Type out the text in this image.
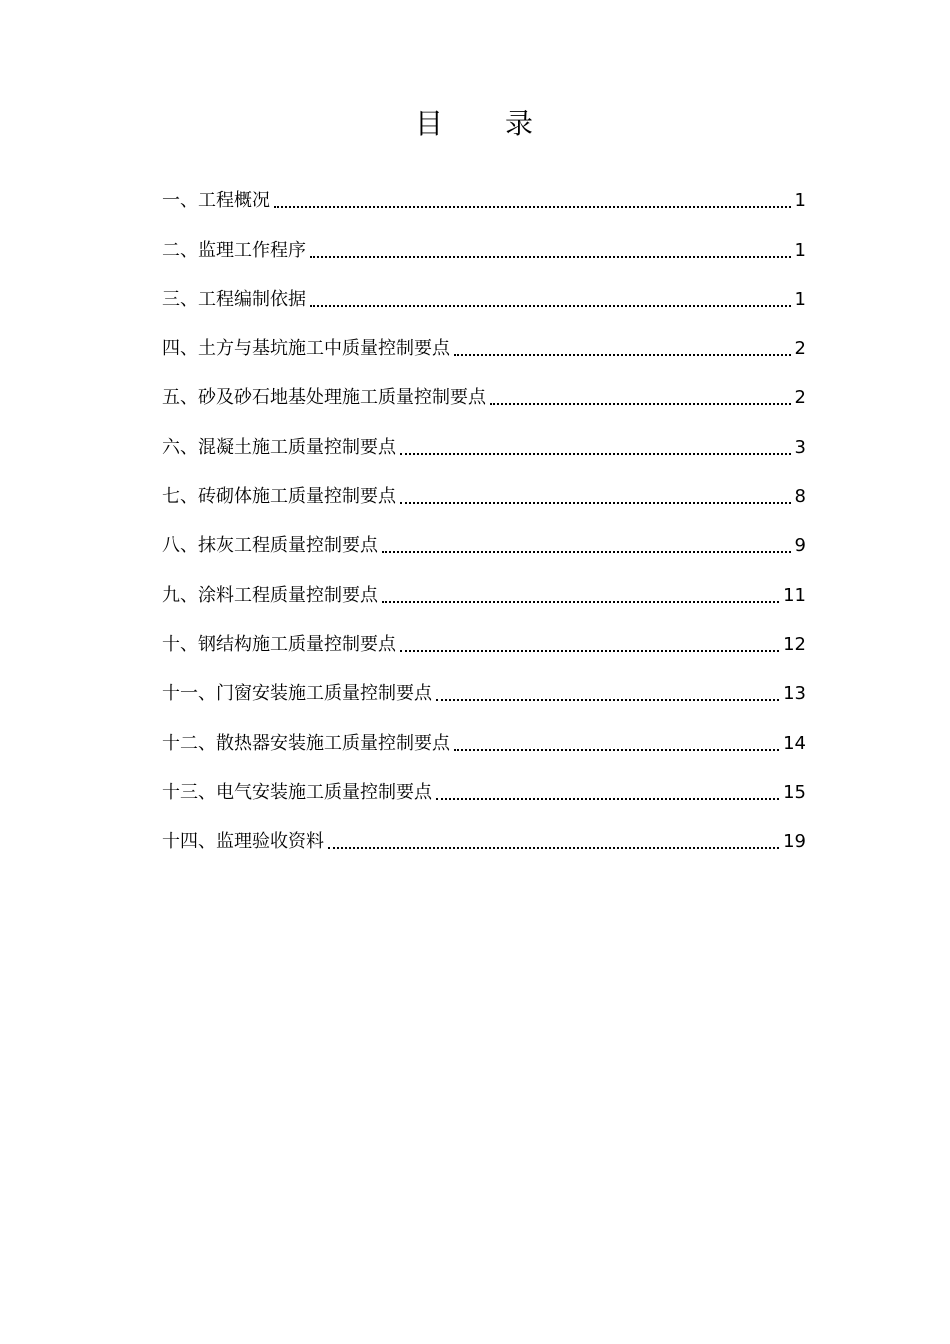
目　　录
一、工程概况	1
二、监理工作程序	1
三、工程编制依据	1
四、土方与基坑施工中质量控制要点	2
五、砂及砂石地基处理施工质量控制要点	2
六、混凝土施工质量控制要点	3
七、砖砌体施工质量控制要点	8
八、抹灰工程质量控制要点	9
九、涂料工程质量控制要点	11
十、钢结构施工质量控制要点	12
十一、门窗安装施工质量控制要点	13
十二、散热器安装施工质量控制要点	14
十三、电气安装施工质量控制要点	15
十四、监理验收资料	19
